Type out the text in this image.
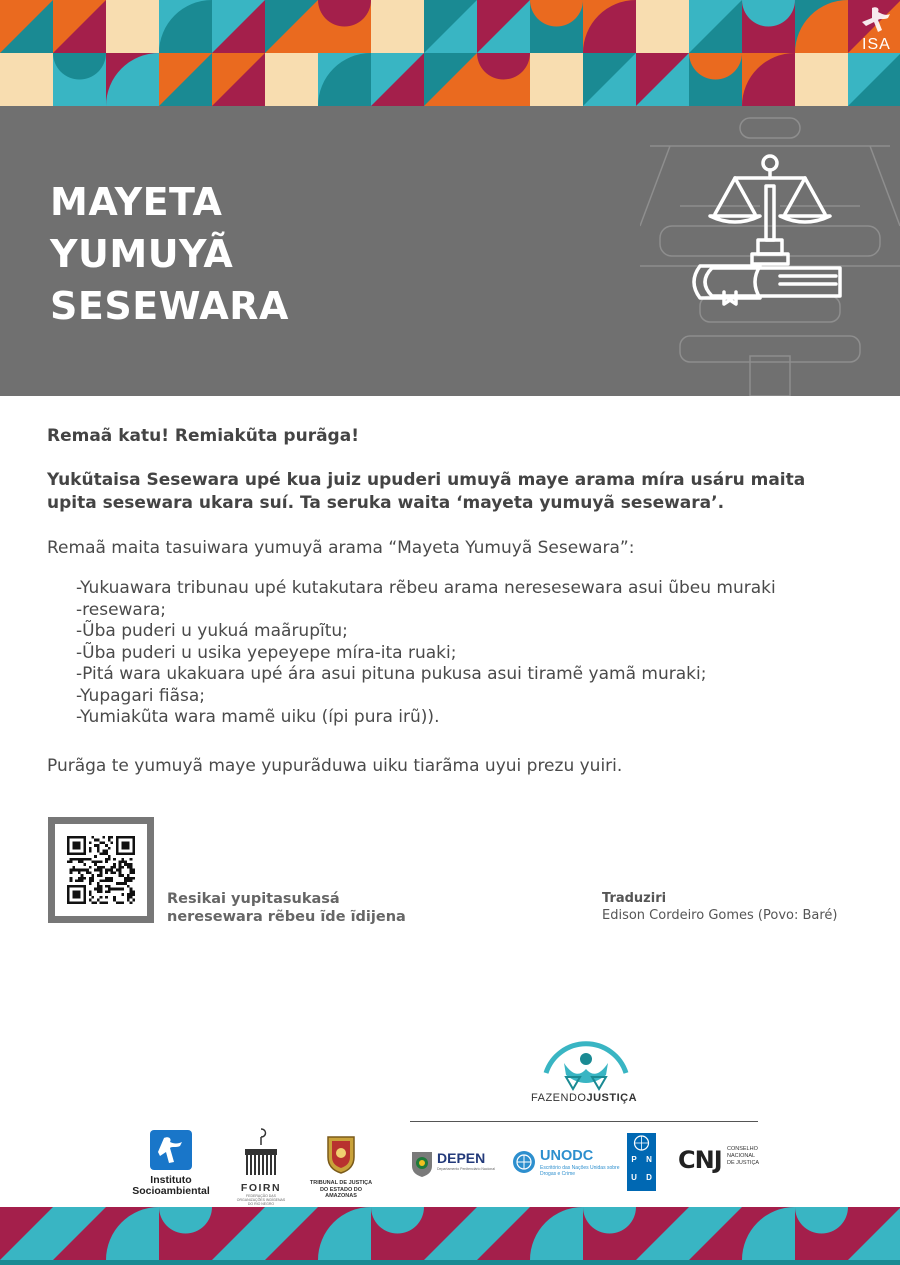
ISA
MAYETA
YUMUYÃ
SESEWARA

Remaã katu! Remiakũta purãga!

Yukũtaisa Sesewara upé kua juiz upuderi umuyã maye arama míra usáru maita upita sesewara ukara suí. Ta seruka waita ‘mayeta yumuyã sesewara’.

Remaã maita tasuiwara yumuyã arama “Mayeta Yumuyã Sesewara”:

-Yukuawara tribunau upé kutakutara rẽbeu arama neresesewara asui ũbeu muraki
-resewara;
-Ũba puderi u yukuá maãrupĩtu;
-Ũba puderi u usika yepeyepe míra-ita ruaki;
-Pitá wara ukakuara upé ára asui pituna pukusa asui tiramẽ yamã muraki;
-Yupagari fiãsa;
-Yumiakũta wara mamẽ uiku (ípi pura irũ)).

Purãga te yumuyã maye yupurãduwa uiku tiarãma uyui prezu yuiri.

Resikai yupitasukasá
neresewara rẽbeu ĩde ĩdijena
Traduziri
Edison Cordeiro Gomes (Povo: Baré)
FAZENDOJUSTIÇA
Instituto
Socioambiental	FOIRN
FEDERAÇÃO DAS ORGANIZAÇÕES INDÍGENAS DO RIO NEGRO
TRIBUNAL DE JUSTIÇA
DO ESTADO DO AMAZONAS
DEPEN
Departamento Penitenciário Nacional
UNODC
Escritório das Nações Unidas sobre Drogas e Crime
P	N
U	D
CNJ CONSELHO
NACIONAL
DE JUSTIÇA
